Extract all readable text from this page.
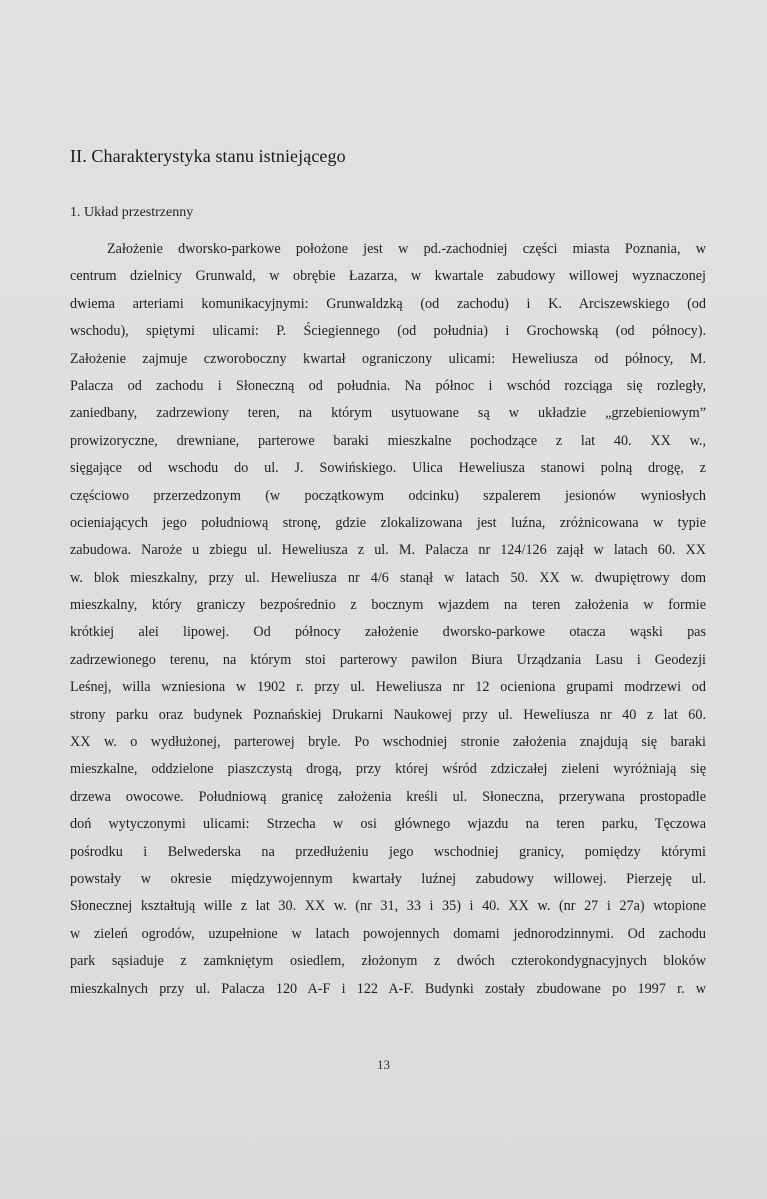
II. Charakterystyka stanu istniejącego
1. Układ przestrzenny
Założenie dworsko-parkowe położone jest w pd.-zachodniej części miasta Poznania, w
centrum dzielnicy Grunwald, w obrębie Łazarza, w kwartale zabudowy willowej wyznaczonej
dwiema arteriami komunikacyjnymi: Grunwaldzką (od zachodu) i K. Arciszewskiego (od
wschodu), spiętymi ulicami: P. Ściegiennego (od południa) i Grochowską (od północy).
Założenie zajmuje czworoboczny kwartał ograniczony ulicami: Heweliusza od północy, M.
Palacza od zachodu i Słoneczną od południa. Na północ i wschód rozciąga się rozległy,
zaniedbany, zadrzewiony teren, na którym usytuowane są w układzie „grzebieniowym”
prowizoryczne, drewniane, parterowe baraki mieszkalne pochodzące z lat 40. XX w.,
sięgające od wschodu do ul. J. Sowińskiego. Ulica Heweliusza stanowi polną drogę, z
częściowo przerzedzonym (w początkowym odcinku) szpalerem jesionów wyniosłych
ocieniających jego południową stronę, gdzie zlokalizowana jest luźna, zróżnicowana w typie
zabudowa. Naroże u zbiegu ul. Heweliusza z ul. M. Palacza nr 124/126 zajął w latach 60. XX
w. blok mieszkalny, przy ul. Heweliusza nr 4/6 stanął w latach 50. XX w. dwupiętrowy dom
mieszkalny, który graniczy bezpośrednio z bocznym wjazdem na teren założenia w formie
krótkiej alei lipowej. Od północy założenie dworsko-parkowe otacza wąski pas
zadrzewionego terenu, na którym stoi parterowy pawilon Biura Urządzania Lasu i Geodezji
Leśnej, willa wzniesiona w 1902 r. przy ul. Heweliusza nr 12 ocieniona grupami modrzewi od
strony parku oraz budynek Poznańskiej Drukarni Naukowej przy ul. Heweliusza nr 40 z lat 60.
XX w. o wydłużonej, parterowej bryle. Po wschodniej stronie założenia znajdują się baraki
mieszkalne, oddzielone piaszczystą drogą, przy której wśród zdziczałej zieleni wyróżniają się
drzewa owocowe. Południową granicę założenia kreśli ul. Słoneczna, przerywana prostopadle
doń wytyczonymi ulicami: Strzecha w osi głównego wjazdu na teren parku, Tęczowa
pośrodku i Belwederska na przedłużeniu jego wschodniej granicy, pomiędzy którymi
powstały w okresie międzywojennym kwartały luźnej zabudowy willowej. Pierzeję ul.
Słonecznej kształtują wille z lat 30. XX w. (nr 31, 33 i 35) i 40. XX w. (nr 27 i 27a) wtopione
w zieleń ogrodów, uzupełnione w latach powojennych domami jednorodzinnymi. Od zachodu
park sąsiaduje z zamkniętym osiedlem, złożonym z dwóch czterokondygnacyjnych bloków
mieszkalnych przy ul. Palacza 120 A-F i 122 A-F. Budynki zostały zbudowane po 1997 r. w
13
